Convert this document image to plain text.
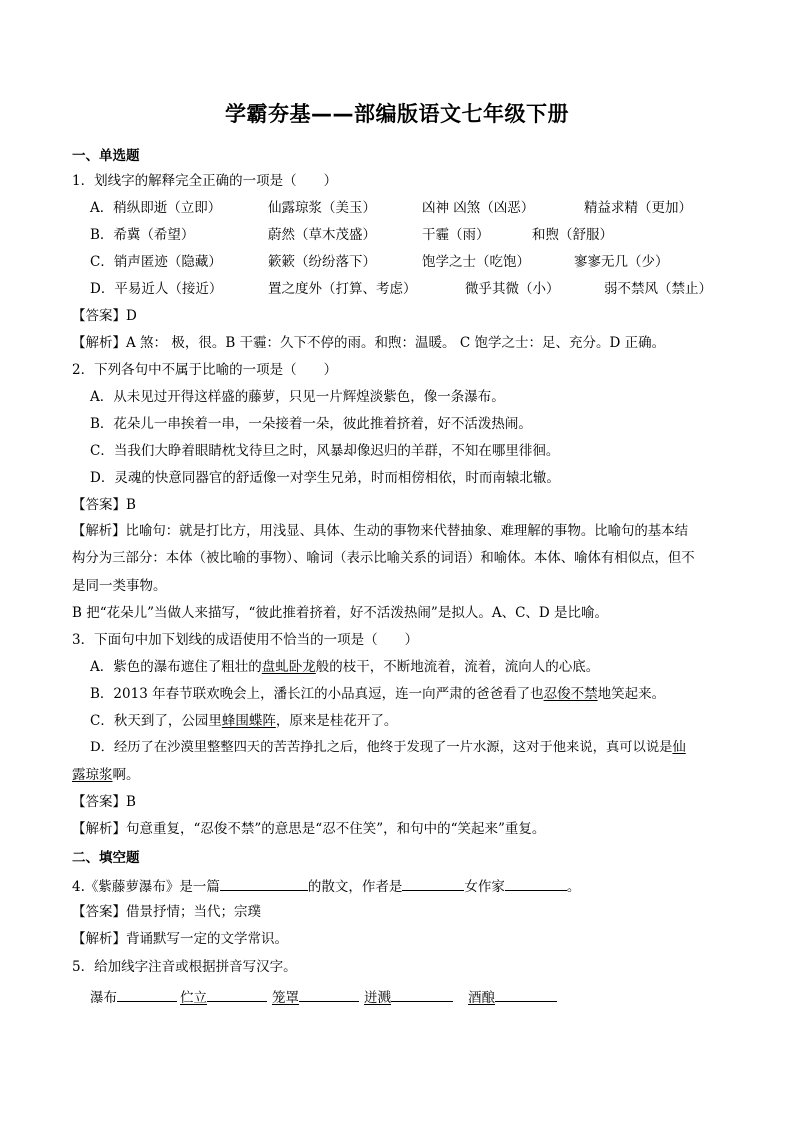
学霸夯基——部编版语文七年级下册
一、单选题
1．划线字的解释完全正确的一项是（　　）
A．稍纵即逝（立即）	仙露琼浆（美玉）	凶神 凶煞（凶恶）	精益求精（更加）
B．希冀（希望）	蔚然（草木茂盛）	干霾（雨）	和煦（舒服）
C．销声匿迹（隐藏）	簌簌（纷纷落下）	饱学之士（吃饱）	寥寥无几（少）
D．平易近人（接近）	置之度外（打算、考虑）	微乎其微（小）	弱不禁风（禁止）
【答案】D
【解析】A 煞： 极，很。B 干霾：久下不停的雨。和煦：温暖。 C 饱学之士：足、充分。D 正确。
2．下列各句中不属于比喻的一项是（　　）
A．从未见过开得这样盛的藤萝，只见一片辉煌淡紫色，像一条瀑布。
B．花朵儿一串挨着一串，一朵接着一朵，彼此推着挤着，好不活泼热闹。
C．当我们大睁着眼睛枕戈待旦之时，风暴却像迟归的羊群，不知在哪里徘徊。
D．灵魂的快意同器官的舒适像一对孪生兄弟，时而相傍相依，时而南辕北辙。
【答案】B
【解析】比喻句：就是打比方，用浅显、具体、生动的事物来代替抽象、难理解的事物。比喻句的基本结
构分为三部分：本体（被比喻的事物）、喻词（表示比喻关系的词语）和喻体。本体、喻体有相似点，但不
是同一类事物。
B 把“花朵儿”当做人来描写，“彼此推着挤着，好不活泼热闹”是拟人。A、C、D 是比喻。
3．下面句中加下划线的成语使用不恰当的一项是（　　）
A．紫色的瀑布遮住了粗壮的盘虬卧龙般的枝干，不断地流着，流着，流向人的心底。
B．2013 年春节联欢晚会上，潘长江的小品真逗，连一向严肃的爸爸看了也忍俊不禁地笑起来。
C．秋天到了，公园里蜂围蝶阵，原来是桂花开了。
D．经历了在沙漠里整整四天的苦苦挣扎之后，他终于发现了一片水源，这对于他来说，真可以说是仙
露琼浆啊。
【答案】B
【解析】句意重复，“忍俊不禁”的意思是“忍不住笑”，和句中的“笑起来”重复。
二、填空题
4.《紫藤萝瀑布》是一篇	的散文，作者是	女作家	。
【答案】借景抒情；当代；宗璞
【解析】背诵默写一定的文学常识。
5．给加线字注音或根据拼音写汉字。
瀑布	伫立	笼罩	迸溅	酒酿
